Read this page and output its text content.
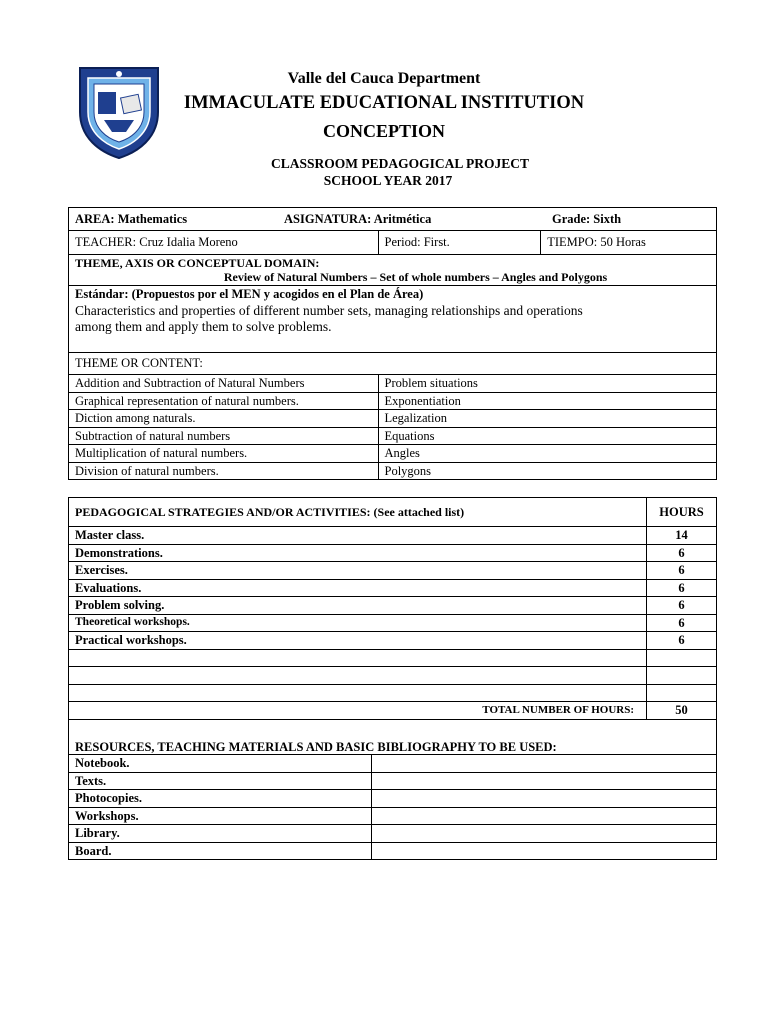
Valle del Cauca Department
IMMACULATE EDUCATIONAL INSTITUTION
CONCEPTION
CLASSROOM PEDAGOGICAL PROJECT
SCHOOL YEAR 2017
AREA: Mathematics ASIGNATURA: Aritmética Grade: Sixth		

TEACHER: Cruz Idalia Moreno	Period: First.	TIEMPO: 50 Horas

THEME, AXIS OR CONCEPTUAL DOMAIN:
Review of Natural Numbers – Set of whole numbers – Angles and Polygons		

Estándar: (Propuestos por el MEN y acogidos en el Plan de Área)
Characteristics and properties of different number sets, managing relationships and operations
among them and apply them to solve problems.		

THEME OR CONTENT:		
Addition and Subtraction of Natural Numbers	Problem situations	
Graphical representation of natural numbers.	Exponentiation	
Diction among naturals.	Legalization	
Subtraction of natural numbers	Equations	
Multiplication of natural numbers.	Angles	
Division of natural numbers.	Polygons	
PEDAGOGICAL STRATEGIES AND/OR ACTIVITIES: (See attached list)		HOURS
Master class.		14
Demonstrations.		6
Exercises.		6
Evaluations.		6
Problem solving.		6
Theoretical workshops.		6
Practical workshops.		6

TOTAL NUMBER OF HOURS:		50
RESOURCES, TEACHING MATERIALS AND BASIC BIBLIOGRAPHY TO BE USED:		
Notebook.		
Texts.		
Photocopies.		
Workshops.		
Library.		
Board.		
